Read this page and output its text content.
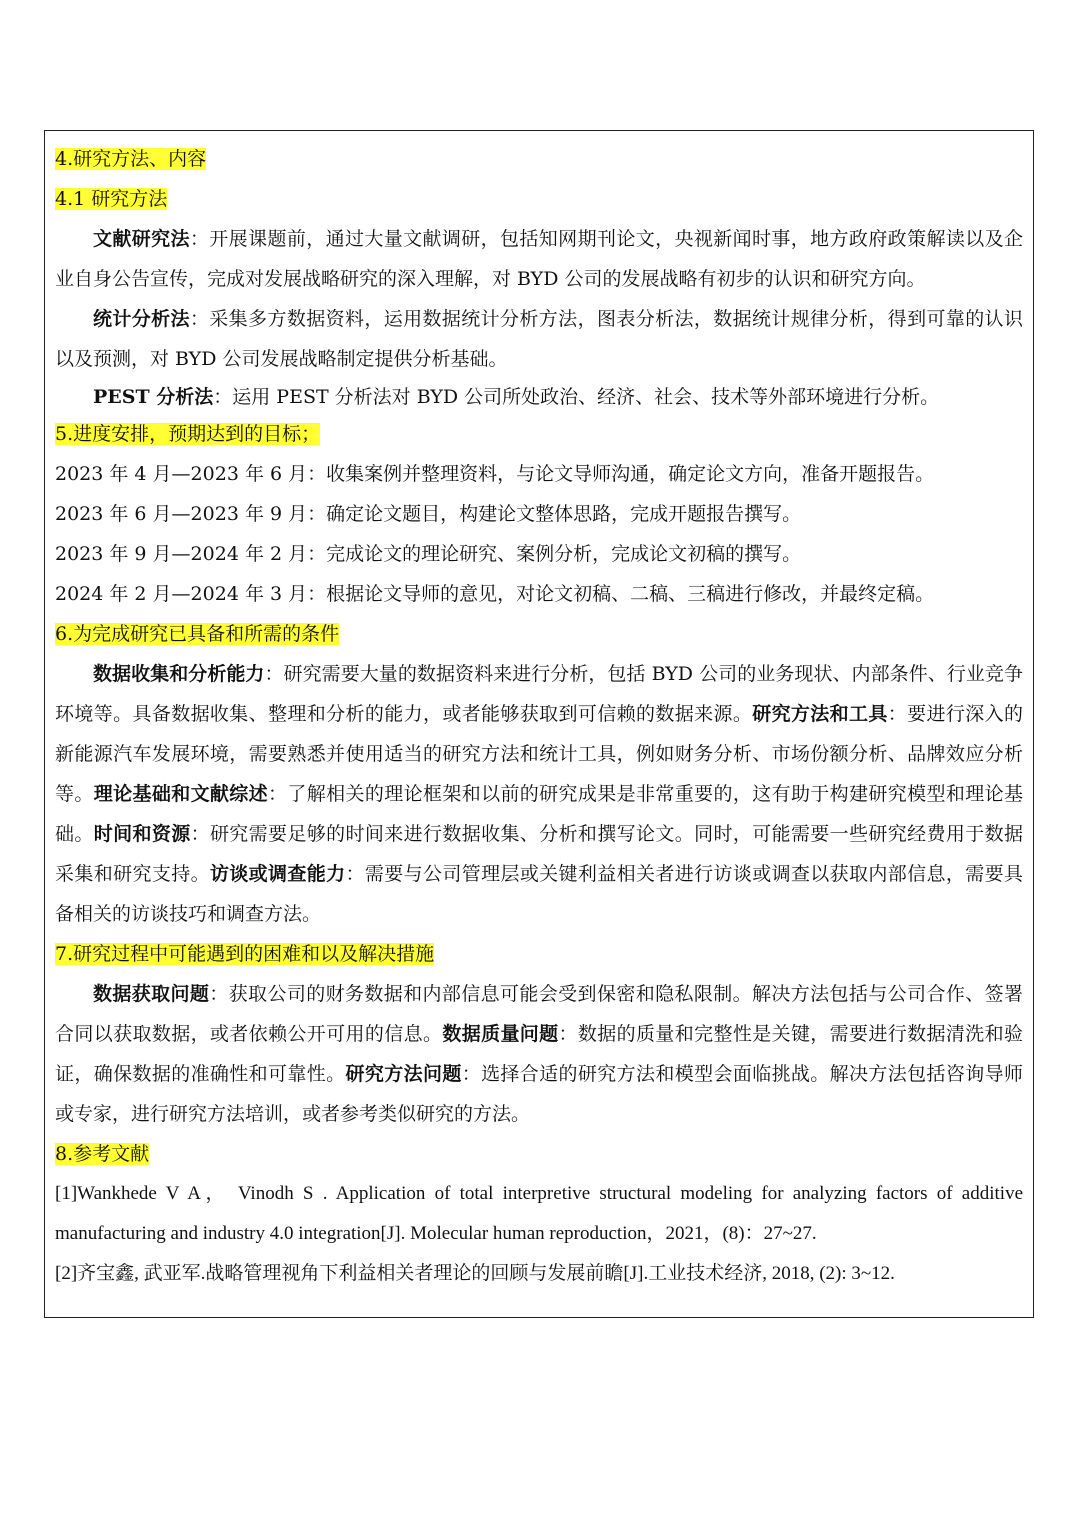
4.研究方法、内容

4.1 研究方法

文献研究法：开展课题前，通过大量文献调研，包括知网期刊论文，央视新闻时事，地方政府政策解读以及企业自身公告宣传，完成对发展战略研究的深入理解，对 BYD 公司的发展战略有初步的认识和研究方向。

统计分析法：采集多方数据资料，运用数据统计分析方法，图表分析法，数据统计规律分析，得到可靠的认识以及预测，对 BYD 公司发展战略制定提供分析基础。

PEST 分析法：运用 PEST 分析法对 BYD 公司所处政治、经济、社会、技术等外部环境进行分析。

5.进度安排，预期达到的目标；

2023 年 4 月—2023 年 6 月：收集案例并整理资料，与论文导师沟通，确定论文方向，准备开题报告。

2023 年 6 月—2023 年 9 月：确定论文题目，构建论文整体思路，完成开题报告撰写。

2023 年 9 月—2024 年 2 月：完成论文的理论研究、案例分析，完成论文初稿的撰写。

2024 年 2 月—2024 年 3 月：根据论文导师的意见，对论文初稿、二稿、三稿进行修改，并最终定稿。

6.为完成研究已具备和所需的条件

数据收集和分析能力：研究需要大量的数据资料来进行分析，包括 BYD 公司的业务现状、内部条件、行业竞争环境等。具备数据收集、整理和分析的能力，或者能够获取到可信赖的数据来源。研究方法和工具：要进行深入的新能源汽车发展环境，需要熟悉并使用适当的研究方法和统计工具，例如财务分析、市场份额分析、品牌效应分析等。理论基础和文献综述：了解相关的理论框架和以前的研究成果是非常重要的，这有助于构建研究模型和理论基础。时间和资源：研究需要足够的时间来进行数据收集、分析和撰写论文。同时，可能需要一些研究经费用于数据采集和研究支持。访谈或调查能力：需要与公司管理层或关键利益相关者进行访谈或调查以获取内部信息，需要具备相关的访谈技巧和调查方法。

7.研究过程中可能遇到的困难和以及解决措施

数据获取问题：获取公司的财务数据和内部信息可能会受到保密和隐私限制。解决方法包括与公司合作、签署合同以获取数据，或者依赖公开可用的信息。数据质量问题：数据的质量和完整性是关键，需要进行数据清洗和验证，确保数据的准确性和可靠性。研究方法问题：选择合适的研究方法和模型会面临挑战。解决方法包括咨询导师或专家，进行研究方法培训，或者参考类似研究的方法。

8.参考文献

[1]Wankhede V A， Vinodh S . Application of total interpretive structural modeling for analyzing factors of additive manufacturing and industry 4.0 integration[J]. Molecular human reproduction，2021，(8)：27~27.

[2]齐宝鑫, 武亚军.战略管理视角下利益相关者理论的回顾与发展前瞻[J].工业技术经济, 2018, (2): 3~12.
